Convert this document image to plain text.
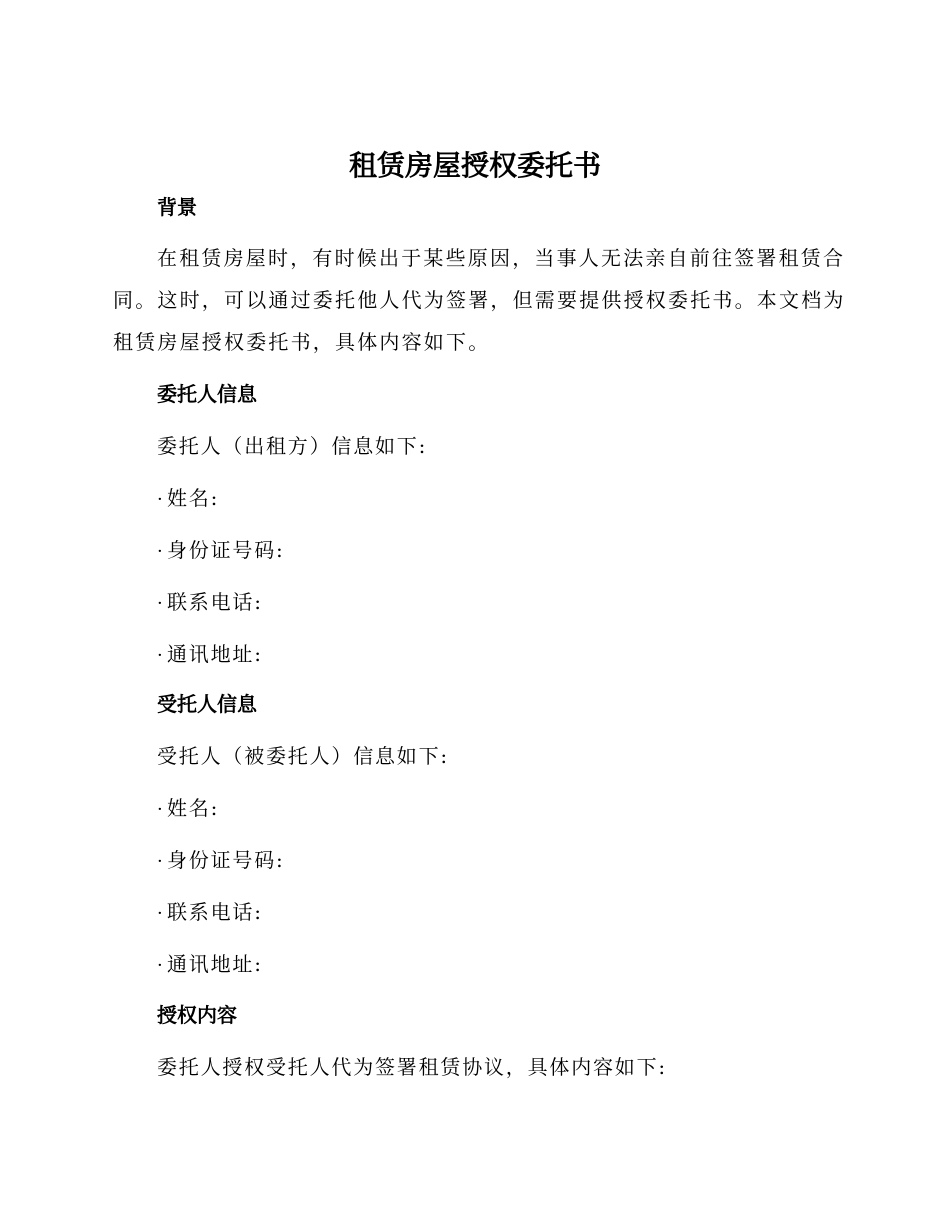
租赁房屋授权委托书
背景
在租赁房屋时，有时候出于某些原因，当事人无法亲自前往签署租赁合
同。这时，可以通过委托他人代为签署，但需要提供授权委托书。本文档为
租赁房屋授权委托书，具体内容如下。
委托人信息
委托人（出租方）信息如下:
· 姓名:
· 身份证号码:
· 联系电话:
· 通讯地址:
受托人信息
受托人（被委托人）信息如下:
· 姓名:
· 身份证号码:
· 联系电话:
· 通讯地址:
授权内容
委托人授权受托人代为签署租赁协议，具体内容如下:
